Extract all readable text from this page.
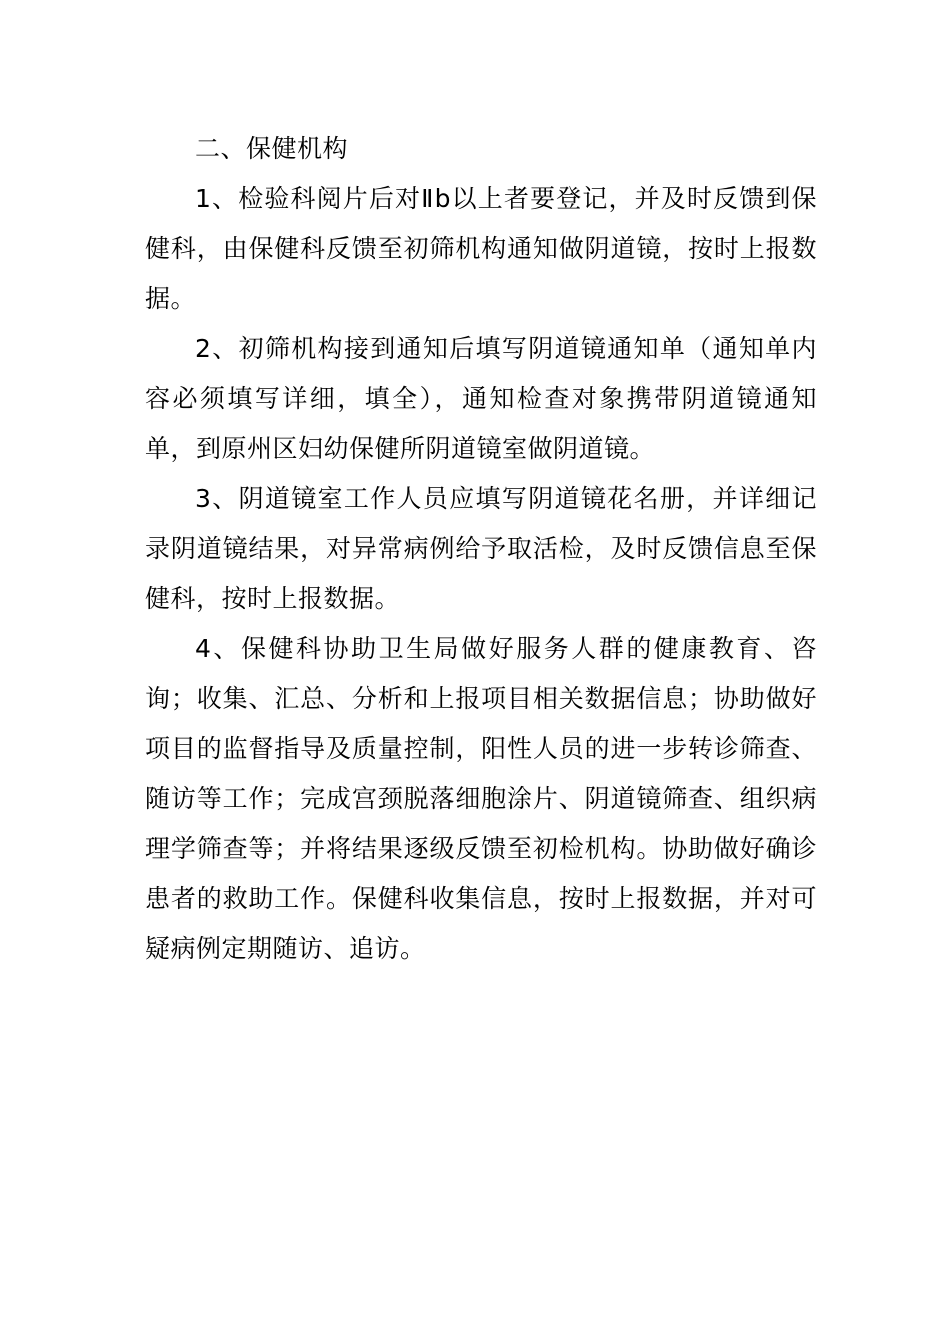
二、保健机构

1、检验科阅片后对Ⅱb以上者要登记，并及时反馈到保健科，由保健科反馈至初筛机构通知做阴道镜，按时上报数据。

2、初筛机构接到通知后填写阴道镜通知单（通知单内容必须填写详细，填全），通知检查对象携带阴道镜通知单，到原州区妇幼保健所阴道镜室做阴道镜。

3、阴道镜室工作人员应填写阴道镜花名册，并详细记录阴道镜结果，对异常病例给予取活检，及时反馈信息至保健科，按时上报数据。

4、保健科协助卫生局做好服务人群的健康教育、咨询；收集、汇总、分析和上报项目相关数据信息；协助做好项目的监督指导及质量控制，阳性人员的进一步转诊筛查、随访等工作；完成宫颈脱落细胞涂片、阴道镜筛查、组织病理学筛查等；并将结果逐级反馈至初检机构。协助做好确诊患者的救助工作。保健科收集信息，按时上报数据，并对可疑病例定期随访、追访。
